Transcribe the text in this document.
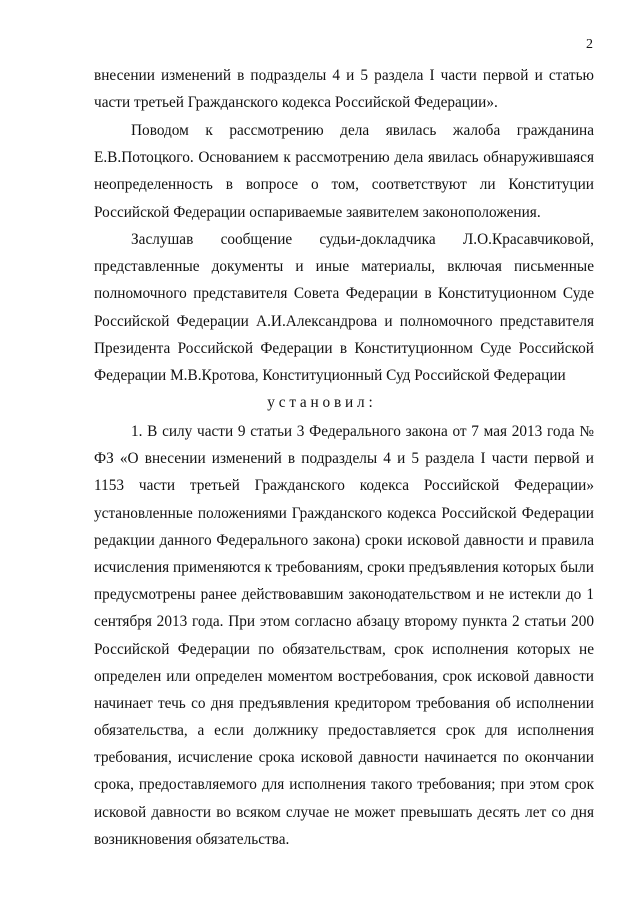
2
внесении изменений в подразделы 4 и 5 раздела I части первой и статью
части третьей Гражданского кодекса Российской Федерации».
Поводом к рассмотрению дела явилась жалоба гражданина
Е.В.Потоцкого. Основанием к рассмотрению дела явилась обнаружившаяся
неопределенность в вопросе о том, соответствуют ли Конституции
Российской Федерации оспариваемые заявителем законоположения.
Заслушав сообщение судьи-докладчика Л.О.Красавчиковой,
представленные документы и иные материалы, включая письменные
полномочного представителя Совета Федерации в Конституционном Суде
Российской Федерации А.И.Александрова и полномочного представителя
Президента Российской Федерации в Конституционном Суде Российской
Федерации М.В.Кротова, Конституционный Суд Российской Федерации
у с т а н о в и л :
1. В силу части 9 статьи 3 Федерального закона от 7 мая 2013 года №
ФЗ «О внесении изменений в подразделы 4 и 5 раздела I части первой и
1153 части третьей Гражданского кодекса Российской Федерации»
установленные положениями Гражданского кодекса Российской Федерации
редакции данного Федерального закона) сроки исковой давности и правила
исчисления применяются к требованиям, сроки предъявления которых были
предусмотрены ранее действовавшим законодательством и не истекли до 1
сентября 2013 года. При этом согласно абзацу второму пункта 2 статьи 200
Российской Федерации по обязательствам, срок исполнения которых не
определен или определен моментом востребования, срок исковой давности
начинает течь со дня предъявления кредитором требования об исполнении
обязательства, а если должнику предоставляется срок для исполнения
требования, исчисление срока исковой давности начинается по окончании
срока, предоставляемого для исполнения такого требования; при этом срок
исковой давности во всяком случае не может превышать десять лет со дня
возникновения обязательства.
